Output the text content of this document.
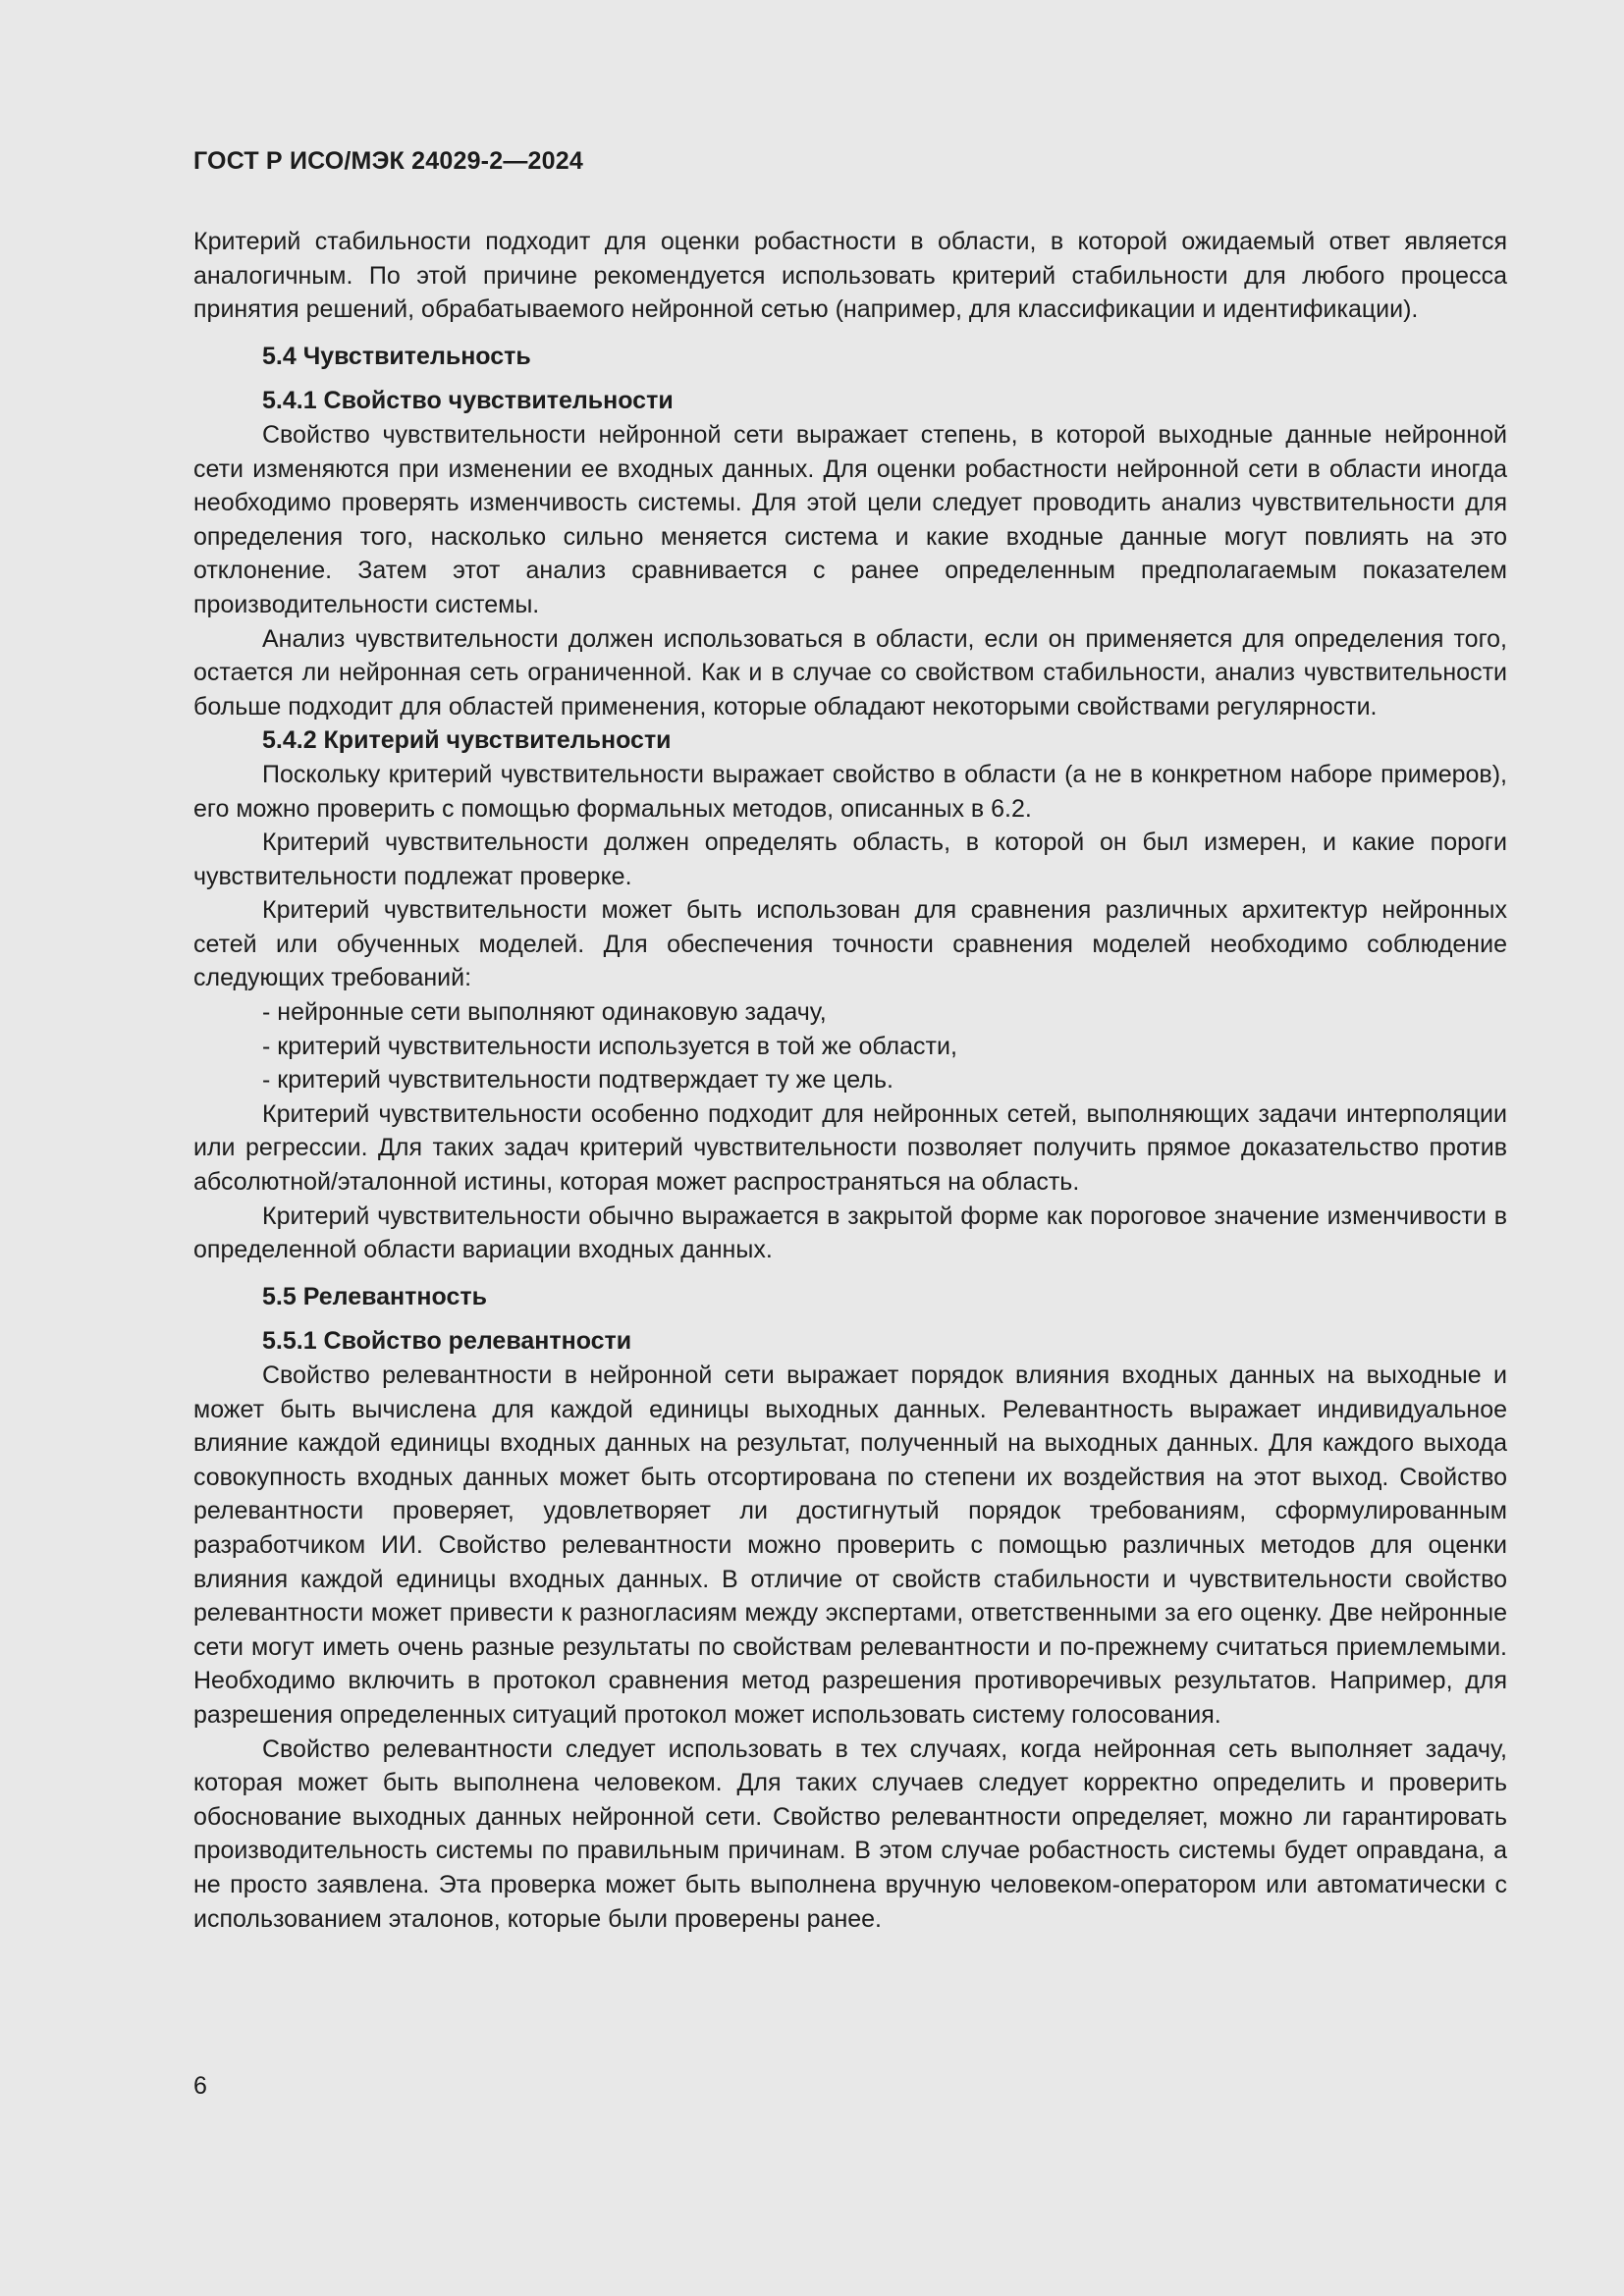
ГОСТ Р ИСО/МЭК 24029-2—2024

Критерий стабильности подходит для оценки робастности в области, в которой ожидаемый ответ является аналогичным. По этой причине рекомендуется использовать критерий стабильности для любого процесса принятия решений, обрабатываемого нейронной сетью (например, для классификации и идентификации).

5.4 Чувствительность
5.4.1 Свойство чувствительности

Свойство чувствительности нейронной сети выражает степень, в которой выходные данные нейронной сети изменяются при изменении ее входных данных. Для оценки робастности нейронной сети в области иногда необходимо проверять изменчивость системы. Для этой цели следует проводить анализ чувствительности для определения того, насколько сильно меняется система и какие входные данные могут повлиять на это отклонение. Затем этот анализ сравнивается с ранее определенным предполагаемым показателем производительности системы.

Анализ чувствительности должен использоваться в области, если он применяется для определения того, остается ли нейронная сеть ограниченной. Как и в случае со свойством стабильности, анализ чувствительности больше подходит для областей применения, которые обладают некоторыми свойствами регулярности.

5.4.2 Критерий чувствительности

Поскольку критерий чувствительности выражает свойство в области (а не в конкретном наборе примеров), его можно проверить с помощью формальных методов, описанных в 6.2.

Критерий чувствительности должен определять область, в которой он был измерен, и какие пороги чувствительности подлежат проверке.

Критерий чувствительности может быть использован для сравнения различных архитектур нейронных сетей или обученных моделей. Для обеспечения точности сравнения моделей необходимо соблюдение следующих требований:

- нейронные сети выполняют одинаковую задачу,
- критерий чувствительности используется в той же области,
- критерий чувствительности подтверждает ту же цель.

Критерий чувствительности особенно подходит для нейронных сетей, выполняющих задачи интерполяции или регрессии. Для таких задач критерий чувствительности позволяет получить прямое доказательство против абсолютной/эталонной истины, которая может распространяться на область.

Критерий чувствительности обычно выражается в закрытой форме как пороговое значение изменчивости в определенной области вариации входных данных.

5.5 Релевантность
5.5.1 Свойство релевантности

Свойство релевантности в нейронной сети выражает порядок влияния входных данных на выходные и может быть вычислена для каждой единицы выходных данных. Релевантность выражает индивидуальное влияние каждой единицы входных данных на результат, полученный на выходных данных. Для каждого выхода совокупность входных данных может быть отсортирована по степени их воздействия на этот выход. Свойство релевантности проверяет, удовлетворяет ли достигнутый порядок требованиям, сформулированным разработчиком ИИ. Свойство релевантности можно проверить с помощью различных методов для оценки влияния каждой единицы входных данных. В отличие от свойств стабильности и чувствительности свойство релевантности может привести к разногласиям между экспертами, ответственными за его оценку. Две нейронные сети могут иметь очень разные результаты по свойствам релевантности и по-прежнему считаться приемлемыми. Необходимо включить в протокол сравнения метод разрешения противоречивых результатов. Например, для разрешения определенных ситуаций протокол может использовать систему голосования.

Свойство релевантности следует использовать в тех случаях, когда нейронная сеть выполняет задачу, которая может быть выполнена человеком. Для таких случаев следует корректно определить и проверить обоснование выходных данных нейронной сети. Свойство релевантности определяет, можно ли гарантировать производительность системы по правильным причинам. В этом случае робастность системы будет оправдана, а не просто заявлена. Эта проверка может быть выполнена вручную человеком-оператором или автоматически с использованием эталонов, которые были проверены ранее.

6
